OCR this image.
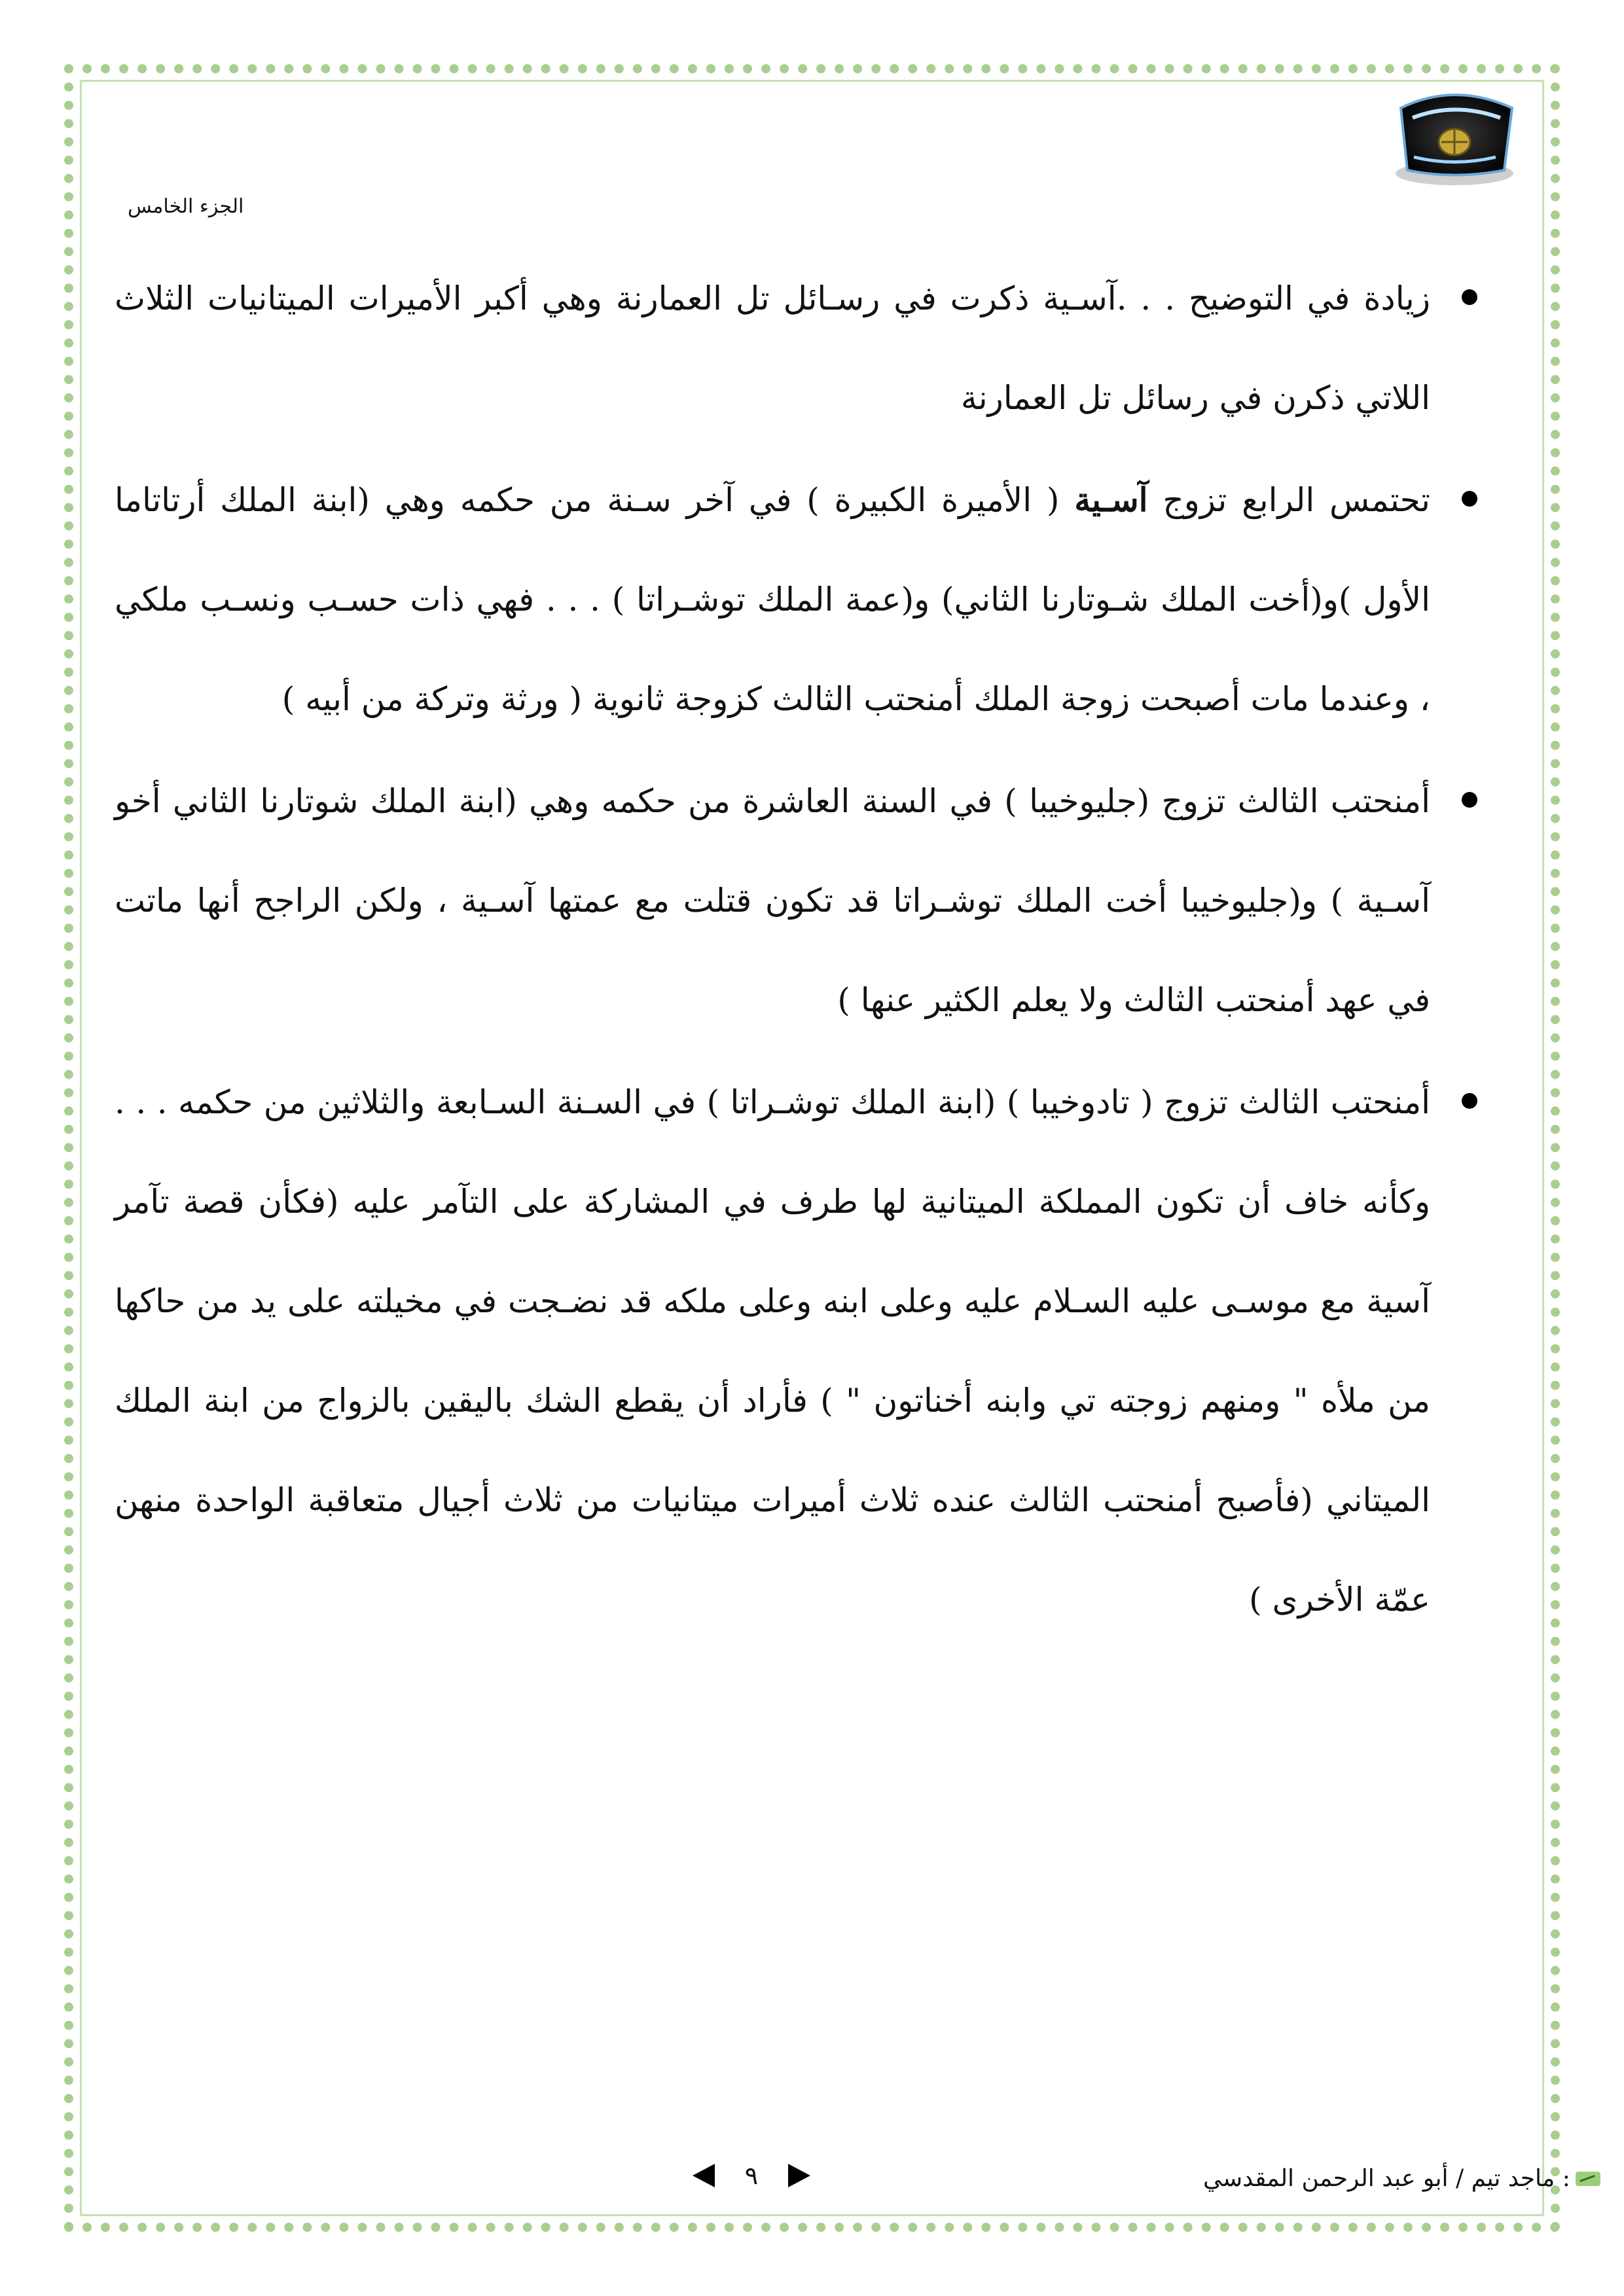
الجزء الخامس

زيادة في التوضيح . . .آسـية ذكرت في رسـائل تل العمارنة وهي أكبر الأميرات الميتانيات الثلاث اللاتي ذكرن في رسائل تل العمارنة

تحتمس الرابع تزوج آسـية ( الأميرة الكبيرة ) في آخر سـنة من حكمه وهي (ابنة الملك أرتاتاما الأول )و(أخت الملك شـوتارنا الثاني) و(عمة الملك توشـراتا ) . . . فهي ذات حسـب ونسـب ملكي ، وعندما مات أصبحت زوجة الملك أمنحتب الثالث كزوجة ثانوية ( ورثة وتركة من أبيه )

أمنحتب الثالث تزوج (جليوخيبا ) في السنة العاشرة من حكمه وهي (ابنة الملك شوتارنا الثاني أخو آسـية ) و(جليوخيبا أخت الملك توشـراتا قد تكون قتلت مع عمتها آسـية ، ولكن الراجح أنها ماتت في عهد أمنحتب الثالث ولا يعلم الكثير عنها )

أمنحتب الثالث تزوج ( تادوخيبا ) (ابنة الملك توشـراتا ) في السـنة السـابعة والثلاثين من حكمه . . . وكأنه خاف أن تكون المملكة الميتانية لها طرف في المشاركة على التآمر عليه (فكأن قصة تآمر آسية مع موسـى عليه السـلام عليه وعلى ابنه وعلى ملكه قد نضـجت في مخيلته على يد من حاكها من ملأه " ومنهم زوجته تي وابنه أخناتون " ) فأراد أن يقطع الشك باليقين بالزواج من ابنة الملك الميتاني (فأصبح أمنحتب الثالث عنده ثلاث أميرات ميتانيات من ثلاث أجيال متعاقبة الواحدة منهن عمّة الأخرى )

٩	: ماجد تيم / أبو عبد الرحمن المقدسي
